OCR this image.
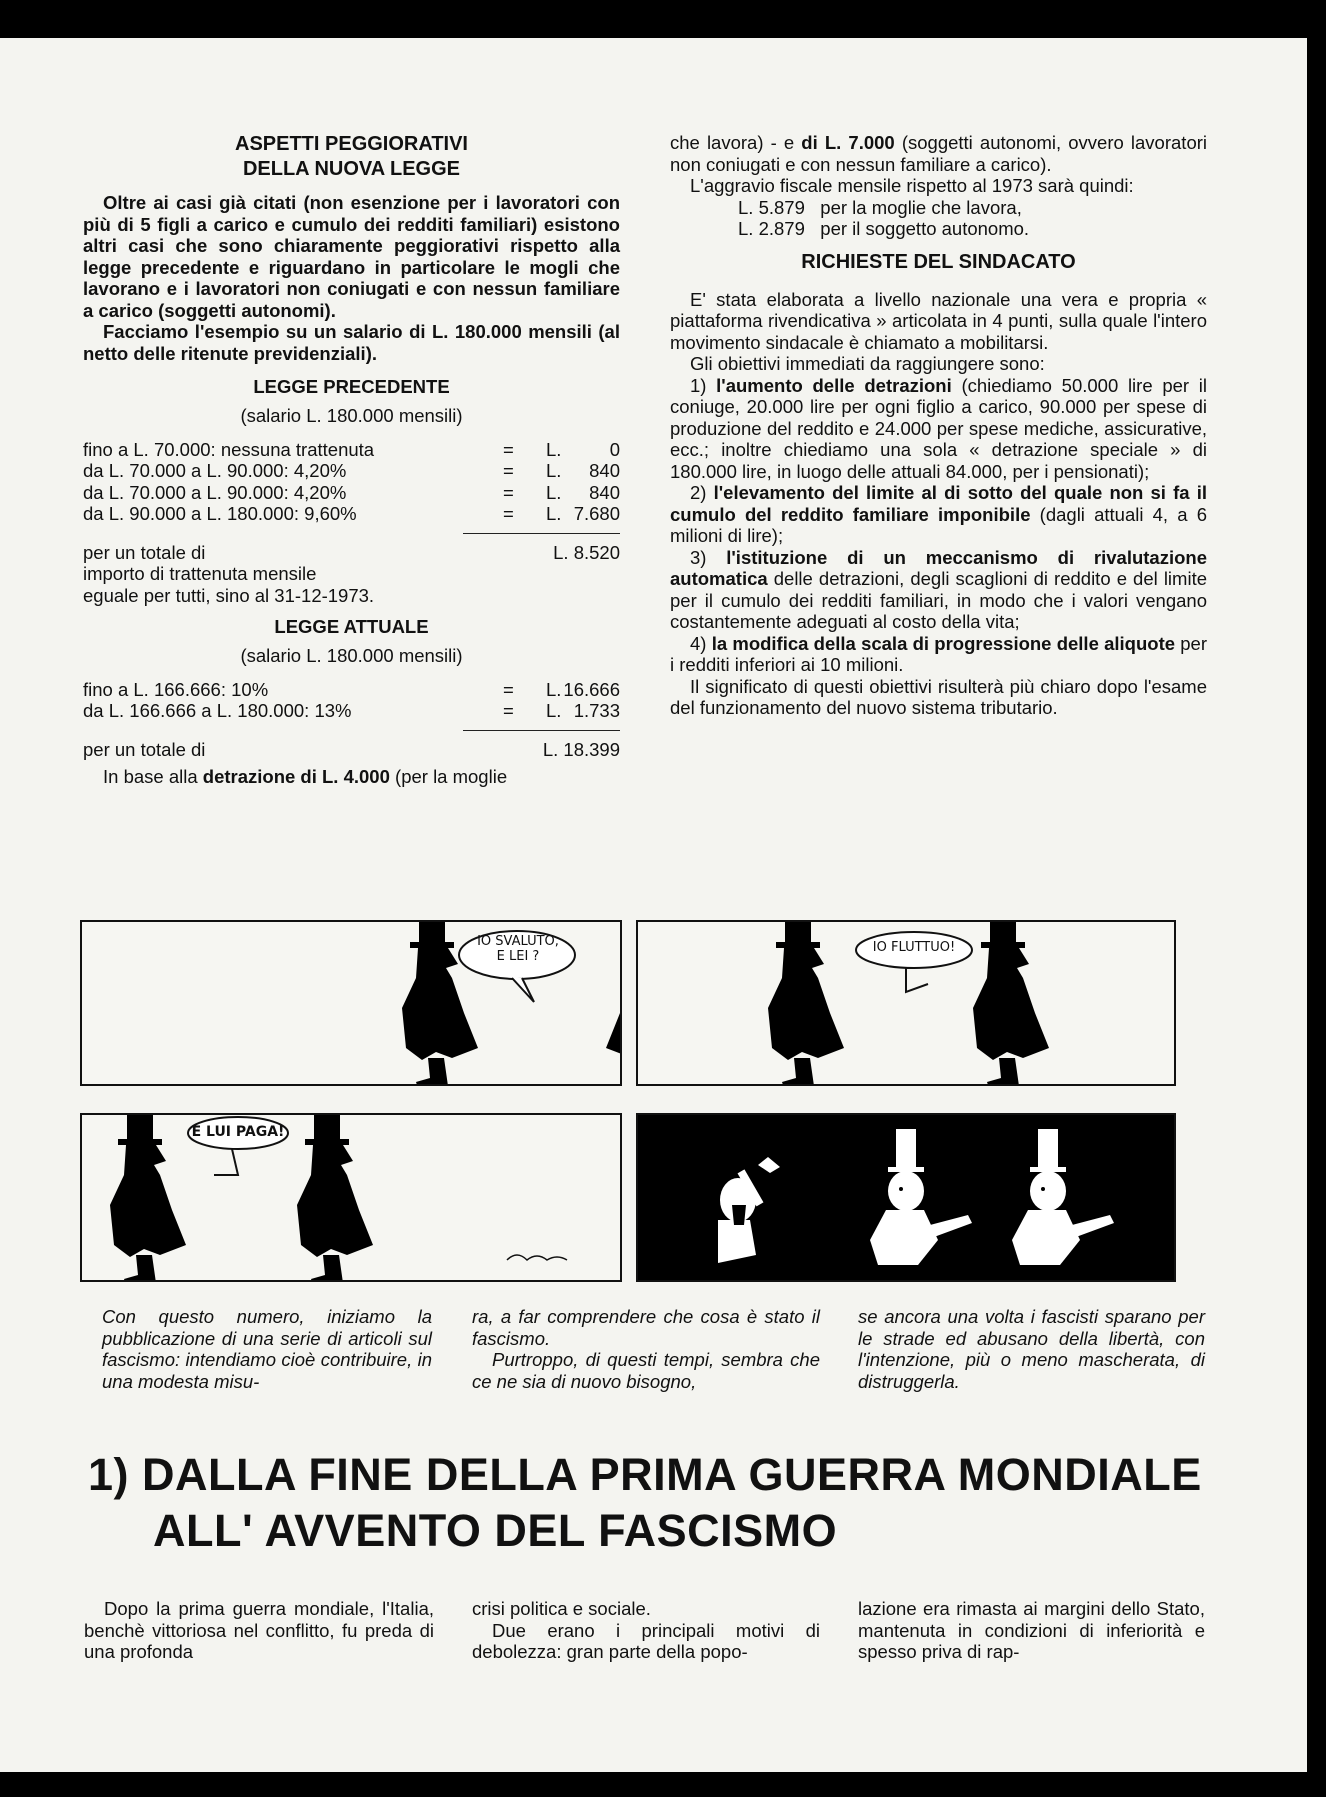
ASPETTI PEGGIORATIVI
DELLA NUOVA LEGGE

Oltre ai casi già citati (non esenzione per i lavoratori con più di 5 figli a carico e cumulo dei redditi familiari) esistono altri casi che sono chiaramente peggiorativi rispetto alla legge precedente e riguardano in particolare le mogli che lavorano e i lavoratori non coniugati e con nessun familiare a carico (soggetti autonomi).

Facciamo l'esempio su un salario di L. 180.000 mensili (al netto delle ritenute previdenziali).

LEGGE PRECEDENTE
(salario L. 180.000 mensili)
fino a L. 70.000: nessuna trattenuta	= L.	0
da L. 70.000 a L. 90.000: 4,20%	= L. 840
da L. 70.000 a L. 90.000: 4,20%	= L. 840
da L. 90.000 a L. 180.000: 9,60%	= L. 7.680
per un totale di	L. 8.520
importo di trattenuta mensile
eguale per tutti, sino al 31-12-1973.
LEGGE ATTUALE
(salario L. 180.000 mensili)
fino a L. 166.666: 10%	= L. 16.666
da L. 166.666 a L. 180.000: 13%	= L. 1.733
per un totale di	L. 18.399

In base alla detrazione di L. 4.000 (per la moglie

che lavora) - e di L. 7.000 (soggetti autonomi, ovvero lavoratori non coniugati e con nessun familiare a carico).

L'aggravio fiscale mensile rispetto al 1973 sarà quindi:

L. 5.879   per la moglie che lavora,
L. 2.879   per il soggetto autonomo.
RICHIESTE DEL SINDACATO

E' stata elaborata a livello nazionale una vera e propria « piattaforma rivendicativa » articolata in 4 punti, sulla quale l'intero movimento sindacale è chiamato a mobilitarsi.

Gli obiettivi immediati da raggiungere sono:

1) l'aumento delle detrazioni (chiediamo 50.000 lire per il coniuge, 20.000 lire per ogni figlio a carico, 90.000 per spese di produzione del reddito e 24.000 per spese mediche, assicurative, ecc.; inoltre chiediamo una sola « detrazione speciale » di 180.000 lire, in luogo delle attuali 84.000, per i pensionati);

2) l'elevamento del limite al di sotto del quale non si fa il cumulo del reddito familiare imponibile (dagli attuali 4, a 6 milioni di lire);

3) l'istituzione di un meccanismo di rivalutazione automatica delle detrazioni, degli scaglioni di reddito e del limite per il cumulo dei redditi familiari, in modo che i valori vengano costantemente adeguati al costo della vita;

4) la modifica della scala di progressione delle aliquote per i redditi inferiori ai 10 milioni.

Il significato di questi obiettivi risulterà più chiaro dopo l'esame del funzionamento del nuovo sistema tributario.

IO SVALUTO,
E LEI ?
IO FLUTTUO!
E LUI PAGA!
Con questo numero, iniziamo la pubblicazione di una serie di articoli sul fascismo: intendiamo cioè contribuire, in una modesta misu-
ra, a far comprendere che cosa è stato il fascismo.
Purtroppo, di questi tempi, sembra che ce ne sia di nuovo bisogno,
se ancora una volta i fascisti sparano per le strade ed abusano della libertà, con l'intenzione, più o meno mascherata, di distruggerla.
1) DALLA FINE DELLA PRIMA GUERRA MONDIALE
ALL' AVVENTO DEL FASCISMO
Dopo la prima guerra mondiale, l'Italia, benchè vittoriosa nel conflitto, fu preda di una profonda
crisi politica e sociale.
Due erano i principali motivi di debolezza: gran parte della popo-
lazione era rimasta ai margini dello Stato, mantenuta in condizioni di inferiorità e spesso priva di rap-
